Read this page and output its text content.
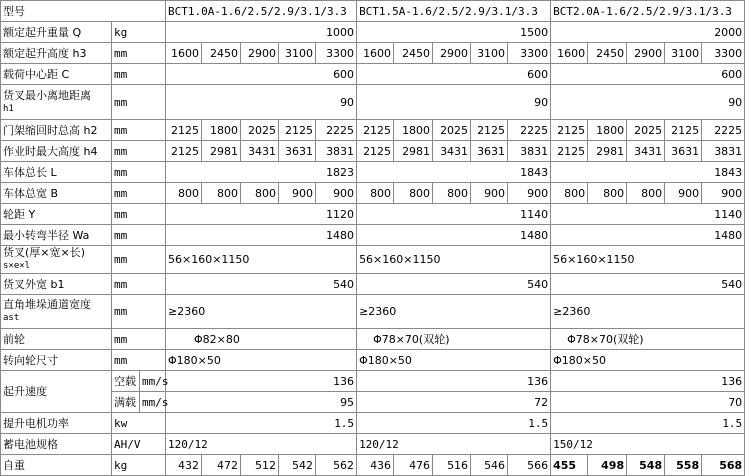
型号			BCT1.0A-1.6/2.5/2.9/3.1/3.3					BCT1.5A-1.6/2.5/2.9/3.1/3.3					BCT2.0A-1.6/2.5/2.9/3.1/3.3				
额定起升重量 Q	kg		1000					1500					2000				
额定起升高度 h3	mm		1600	2450	2900	3100	3300	1600	2450	2900	3100	3300	1600	2450	2900	3100	3300
载荷中心距 C	mm		600					600					600				
货叉最小离地距离
h1	mm		90					90					90				
门架缩回时总高 h2	mm		2125	1800	2025	2125	2225	2125	1800	2025	2125	2225	2125	1800	2025	2125	2225
作业时最大高度 h4	mm		2125	2981	3431	3631	3831	2125	2981	3431	3631	3831	2125	2981	3431	3631	3831
车体总长 L	mm		1823					1843					1843				
车体总宽 B	mm		800	800	800	900	900	800	800	800	900	900	800	800	800	900	900
轮距 Y	mm		1120					1140					1140				
最小转弯半径 Wa	mm		1480					1480					1480				
货叉(厚×宽×长)
s×e×l	mm		56×160×1150					56×160×1150					56×160×1150				
货叉外宽 b1	mm		540					540					540				
直角堆垛通道宽度
ast	mm		≥2360					≥2360					≥2360				
前轮	mm		Φ82×80					Φ78×70(双轮)					Φ78×70(双轮)				
转向轮尺寸	mm		Φ180×50					Φ180×50					Φ180×50				
起升速度	空载	mm/s	136					136					136				
	满载	mm/s	95					72					70				
提升电机功率	kw		1.5					1.5					1.5				
蓄电池规格	AH/V		120/12					120/12					150/12				
自重	kg		432	472	512	542	562	436	476	516	546	566	455	498	548	558	568
